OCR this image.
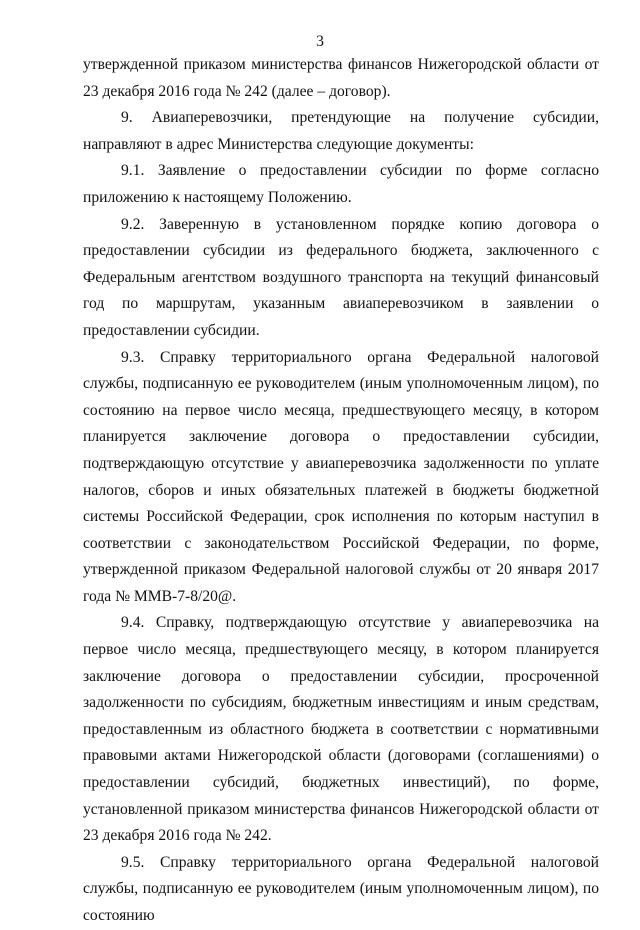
3

утвержденной приказом министерства финансов Нижегородской области от 23 декабря 2016 года № 242 (далее – договор).

9. Авиаперевозчики, претендующие на получение субсидии, направляют в адрес Министерства следующие документы:

9.1. Заявление о предоставлении субсидии по форме согласно приложению к настоящему Положению.

9.2. Заверенную в установленном порядке копию договора о предоставлении субсидии из федерального бюджета, заключенного с Федеральным агентством воздушного транспорта на текущий финансовый год по маршрутам, указанным авиаперевозчиком в заявлении о предоставлении субсидии.

9.3. Справку территориального органа Федеральной налоговой службы, подписанную ее руководителем (иным уполномоченным лицом), по состоянию на первое число месяца, предшествующего месяцу, в котором планируется заключение договора о предоставлении субсидии, подтверждающую отсутствие у авиаперевозчика задолженности по уплате налогов, сборов и иных обязательных платежей в бюджеты бюджетной системы Российской Федерации, срок исполнения по которым наступил в соответствии с законодательством Российской Федерации, по форме, утвержденной приказом Федеральной налоговой службы от 20 января 2017 года № ММВ-7-8/20@.

9.4. Справку, подтверждающую отсутствие у авиаперевозчика на первое число месяца, предшествующего месяцу, в котором планируется заключение договора о предоставлении субсидии, просроченной задолженности по субсидиям, бюджетным инвестициям и иным средствам, предоставленным из областного бюджета в соответствии с нормативными правовыми актами Нижегородской области (договорами (соглашениями) о предоставлении субсидий, бюджетных инвестиций), по форме, установленной приказом министерства финансов Нижегородской области от 23 декабря 2016 года № 242.

9.5. Справку территориального органа Федеральной налоговой службы, подписанную ее руководителем (иным уполномоченным лицом), по состоянию
